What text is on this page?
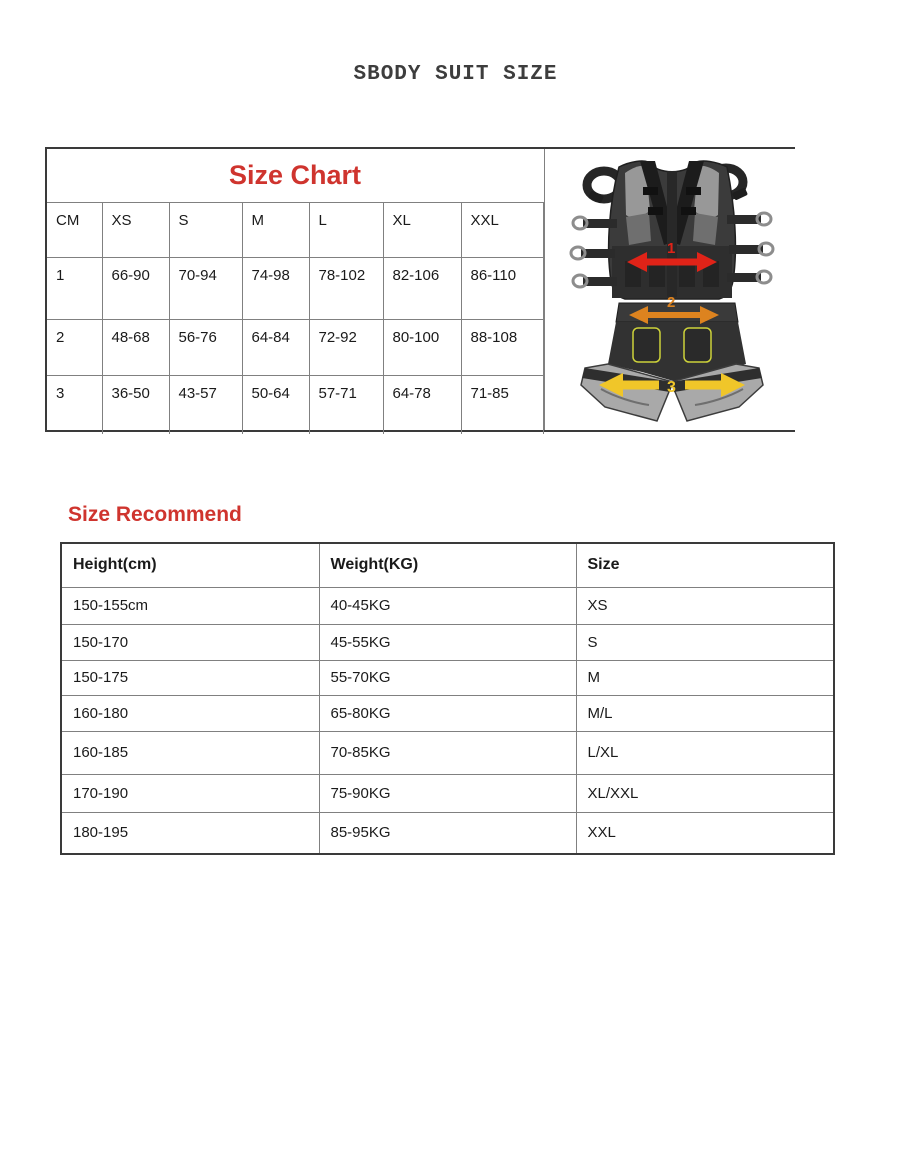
SBODY SUIT SIZE
Size Chart						
CM	XS	S	M	L	XL	XXL
1	66-90	70-94	74-98	78-102	82-106	86-110
2	48-68	56-76	64-84	72-92	80-100	88-108
3	36-50	43-57	50-64	57-71	64-78	71-85
1
2
3
Size Recommend
Height(cm)	Weight(KG)	Size
150-155cm	40-45KG	XS
150-170	45-55KG	S
150-175	55-70KG	M
160-180	65-80KG	M/L
160-185	70-85KG	L/XL
170-190	75-90KG	XL/XXL
180-195	85-95KG	XXL
